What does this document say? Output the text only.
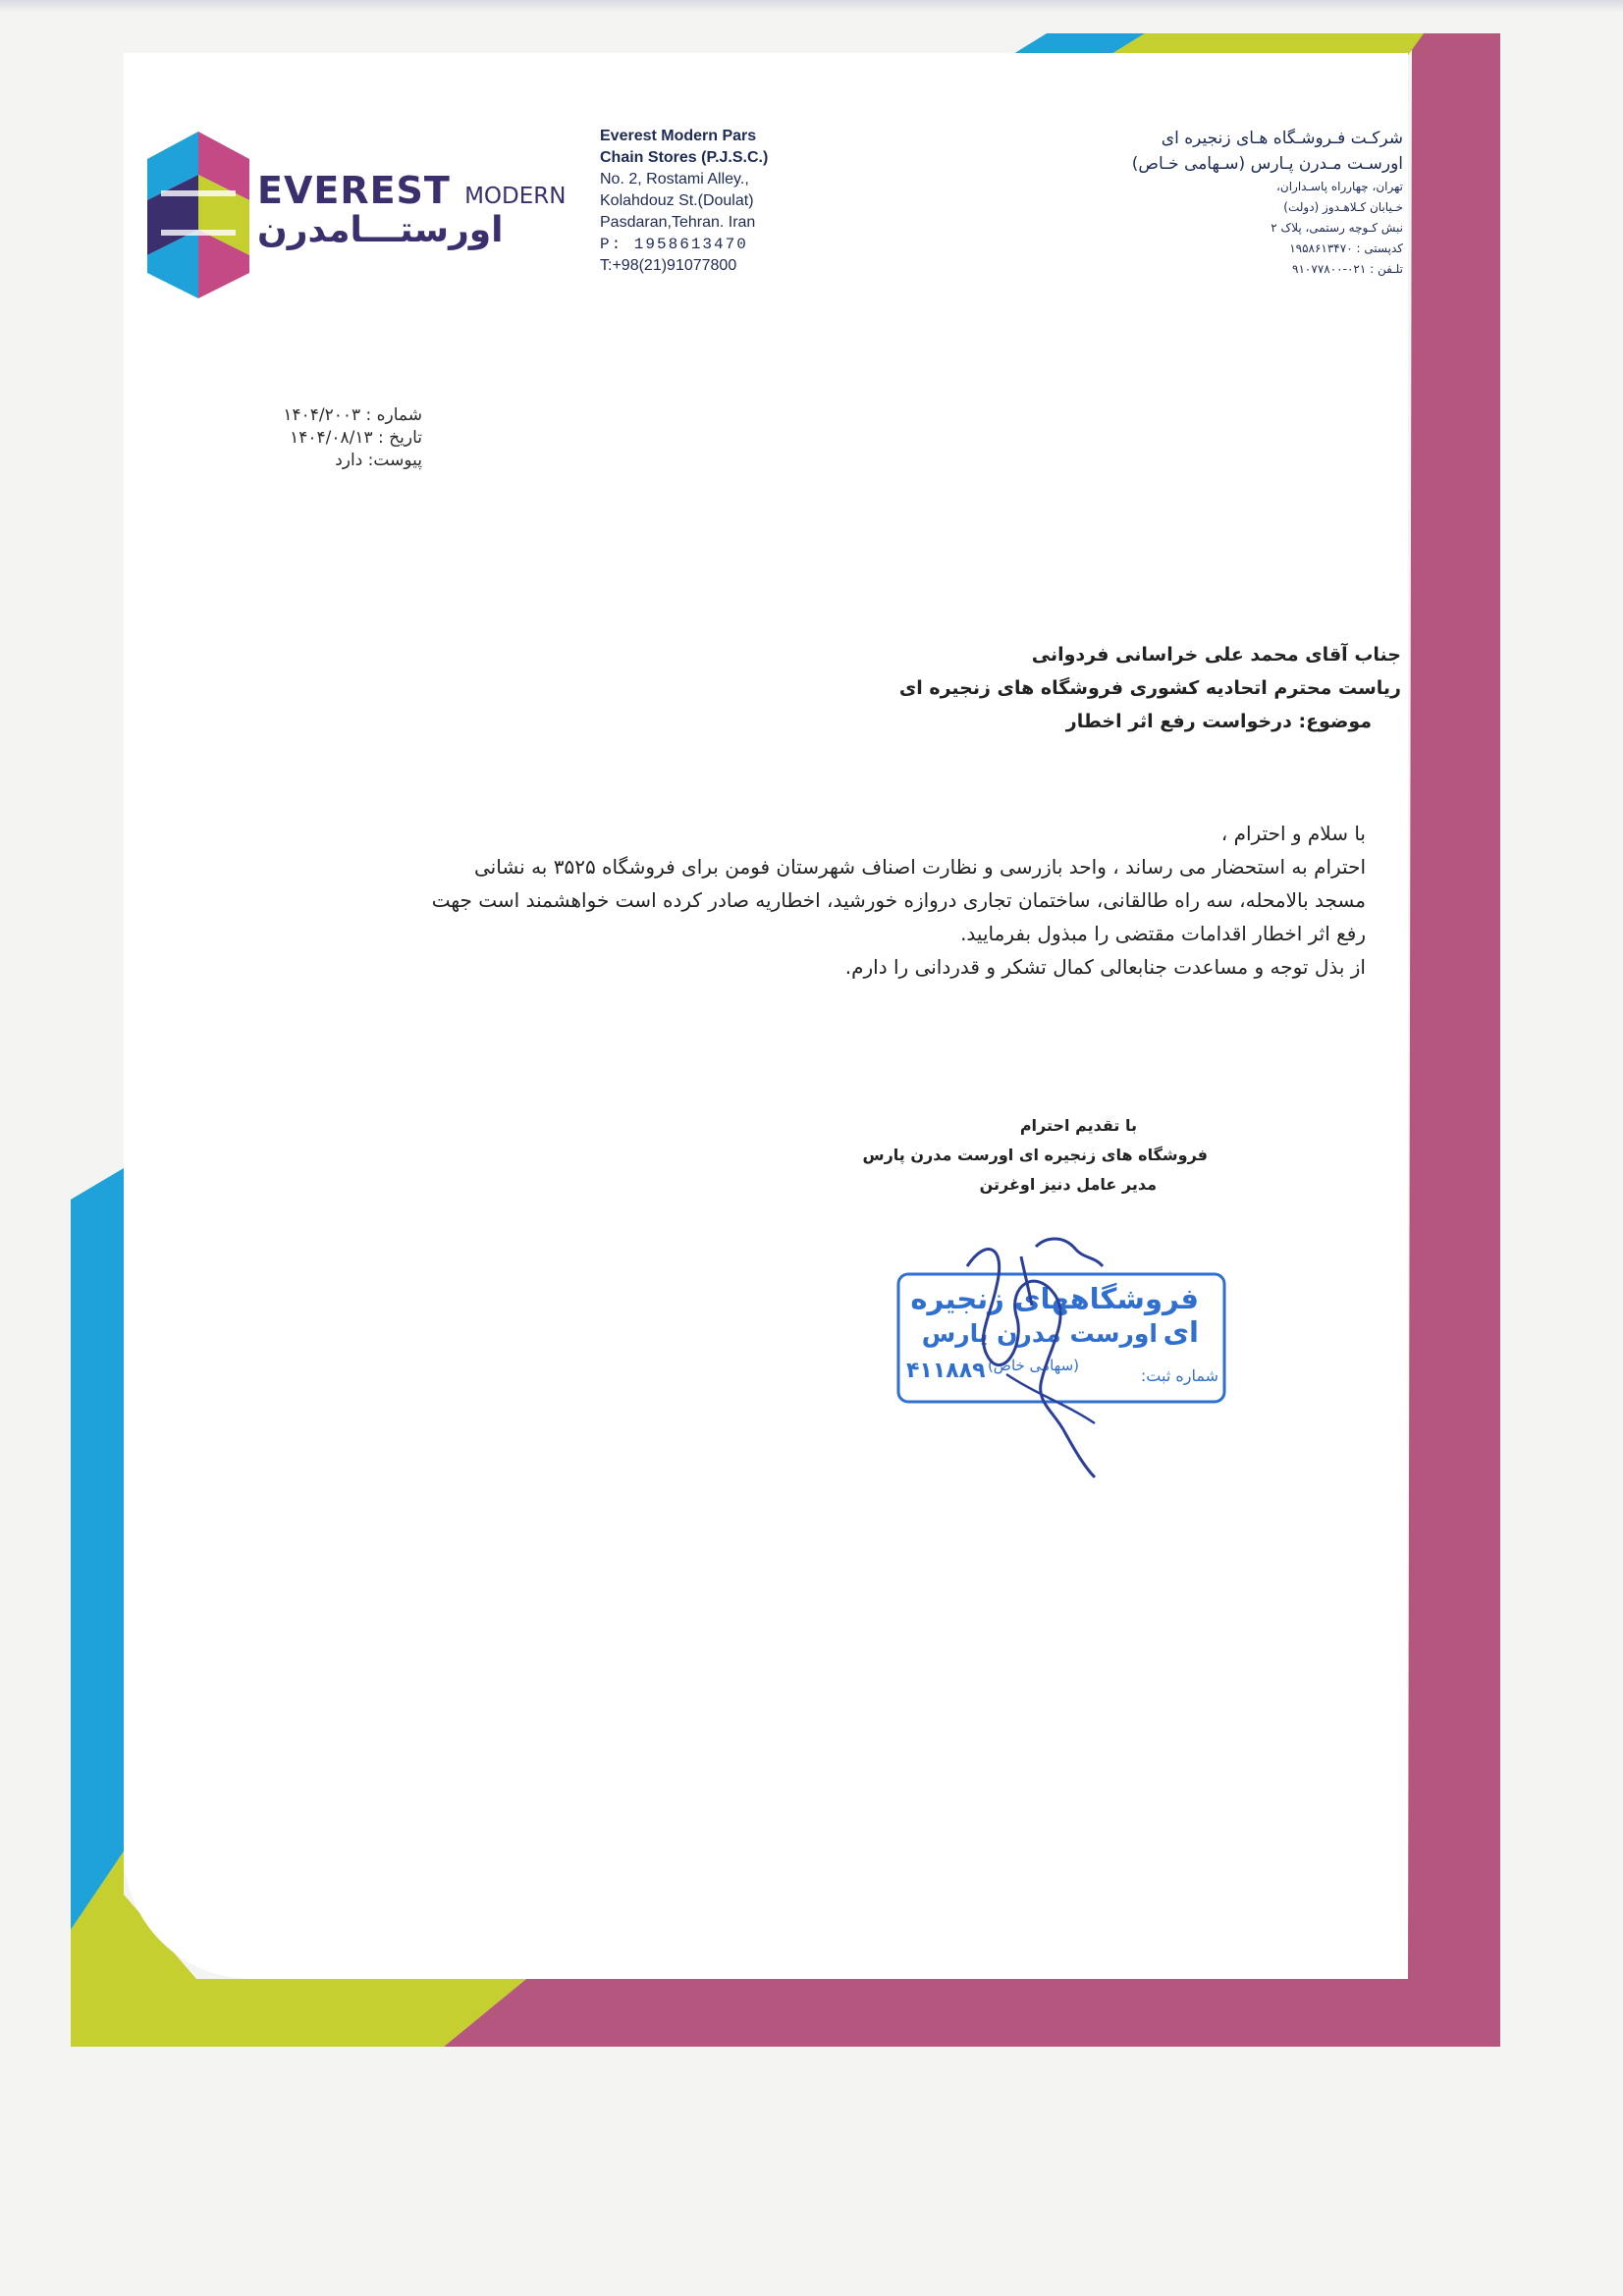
EVEREST MODERN
اورستـــامدرن
Everest Modern Pars
Chain Stores (P.J.S.C.)
No. 2, Rostami Alley.,
Kolahdouz St.(Doulat)
Pasdaran,Tehran. Iran
P: 1958613470
T:+98(21)91077800
شرکـت فـروشـگاه هـای زنجیره ای
اورسـت مـدرن پـارس (سـهامی خـاص)
تهران، چهارراه پاسـداران،
خـیابان کـلاهـدوز (دولت)
نبش کـوچه رستمی، پلاک ۲
کدپستی : ۱۹۵۸۶۱۳۴۷۰
تلـفن : ۰۲۱-۹۱۰۷۷۸۰۰
شماره : ۱۴۰۴/۲۰۰۳
تاریخ : ۱۴۰۴/۰۸/۱۳
پیوست: دارد
جناب آقای محمد علی خراسانی فردوانی
ریاست محترم اتحادیه کشوری فروشگاه های زنجیره ای
موضوع: درخواست رفع اثر اخطار

با سلام و احترام ،

احترام به استحضار می رساند ، واحد بازرسی و نظارت اصناف شهرستان فومن برای فروشگاه ۳۵۲۵ به نشانی

مسجد بالامحله، سه راه طالقانی، ساختمان تجاری دروازه خورشید، اخطاریه صادر کرده است خواهشمند است جهت

رفع اثر اخطار اقدامات مقتضی را مبذول بفرمایید.

از بذل توجه و مساعدت جنابعالی کمال تشکر و قدردانی را دارم.

با تقدیم احترام
فروشگاه های زنجیره ای اورست مدرن پارس
مدیر عامل دنیز اوغرتن
فروشگاههای زنجیره ای
اورست مدرن پارس
(سهامی خاص)
شماره ثبت:
۴۱۱۸۸۹
